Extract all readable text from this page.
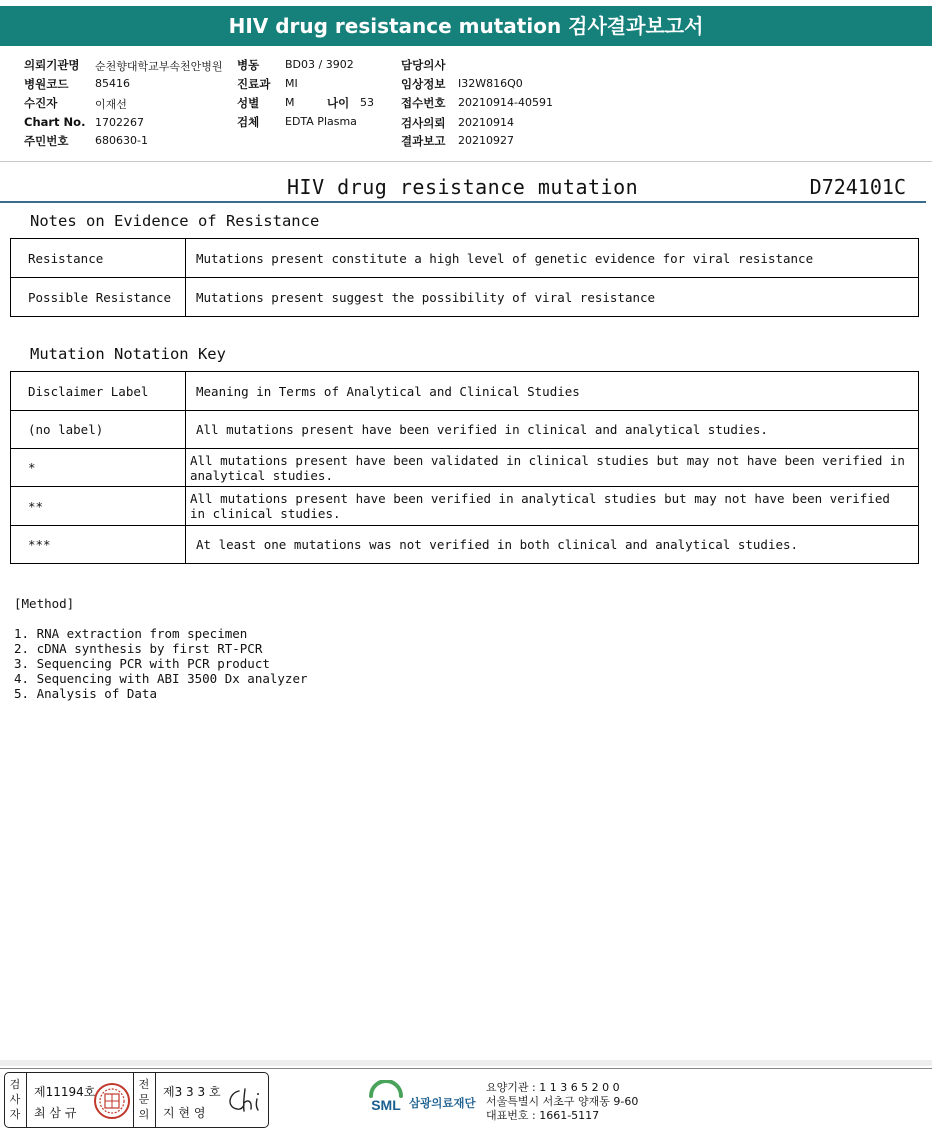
HIV drug resistance mutation 검사결과보고서
의뢰기관명 순천향대학교부속천안병원
병원코드 85416
수진자	이재선
Chart No. 1702267
주민번호 680630-1
병동 BD03 / 3902
진료과 MI
성별 M	나이 53
검체 EDTA Plasma
담당의사
임상정보 I32W816Q0
접수번호 20210914-40591
검사의뢰 20210914
결과보고 20210927
HIV drug resistance mutation	D724101C
Notes on Evidence of Resistance
Resistance	Mutations present constitute a high level of genetic evidence for viral resistance
Possible Resistance	Mutations present suggest the possibility of viral resistance
Mutation Notation Key
Disclaimer Label	Meaning in Terms of Analytical and Clinical Studies
(no label)	All mutations present have been verified in clinical and analytical studies.
*	All mutations present have been validated in clinical studies but may not have been verified in analytical studies.
**	All mutations present have been verified in analytical studies but may not have been verified in clinical studies.
***	At least one mutations was not verified in both clinical and analytical studies.
[Method]
1. RNA extraction from specimen
2. cDNA synthesis by first RT-PCR
3. Sequencing PCR with PCR product
4. Sequencing with ABI 3500 Dx analyzer
5. Analysis of Data
검사자
제11194호
최 삼 규
전문의
제3 3 3 호
지 현 영	SML 삼광의료재단
요양기관 : 1 1 3 6 5 2 0 0
서울특별시 서초구 양재동 9-60
대표번호 : 1661-5117
